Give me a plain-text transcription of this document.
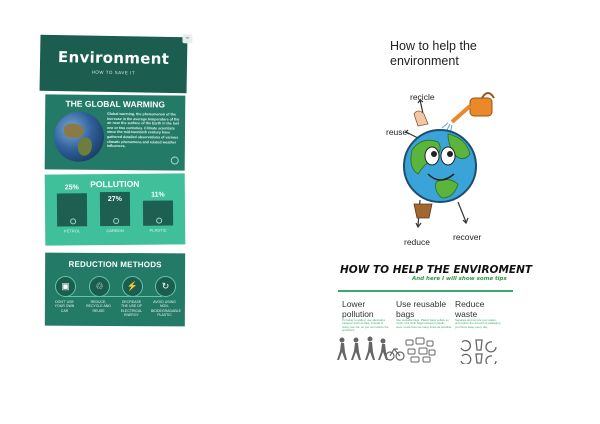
Environment
HOW TO SAVE IT
−
THE GLOBAL WARMING
Global warming, the phenomenon of the increase in the average temperature of the air near the surface of the Earth in the last one or two centuries. Climate scientists since the mid-twentieth century have gathered detailed observations of various climatic phenomena and related weather influences.
POLLUTION
25%
PETROL
27%
CARBON
11%
PLASTIC
REDUCTION METHODS
▣
DON'T USE YOUR OWN CAR
♲
REDUCE, RECYCLE AND REUSE
⚡
DECREASE THE USE OF ELECTRICAL ENERGY
↻
AVOID USING NON-BIODEGRADABLE PLASTIC
How to help the environment
recicle
reuse
reduce	recover
HOW TO HELP THE ENVIROMENT
And here I will show some tips
Lower pollution
It's better to walk or use alternative transport such as bike, instead of using your car, so you can reduce the emissions.
Use reusable bags
Use reusable bags. Plastic bags pollute so much. Use cloth bags instead of plastic ones; reuse them as many times as possible.
Reduce waste
Separate and recycle your waste, and reduce the amount of packaging you throw away every day.
